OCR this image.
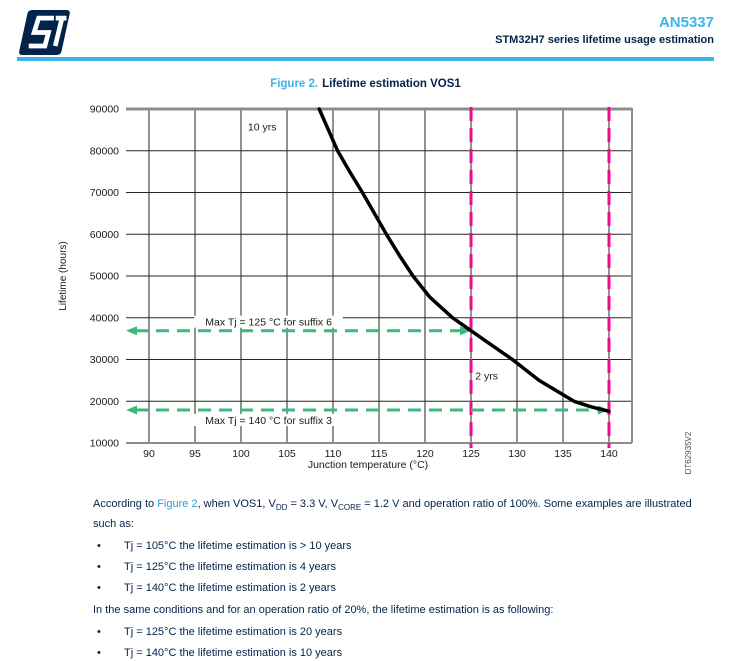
AN5337
STM32H7 series lifetime usage estimation
Figure 2. Lifetime estimation VOS1
10000
20000
30000
40000
50000
60000
70000
80000
90000
90	95	100	105	110	115	120	125	130	135	140
Junction temperature (°C)
Lifetime (hours)
Max Tj = 125 °C for suffix 6
Max Tj = 140 °C for suffix 3
10 yrs
2 yrs
DT62935V2

According to Figure 2, when VOS1, $V_{DD} = 3.3$ V, $V_{CORE} = 1.2$ V and operation ratio of 100%. Some examples are illustrated such as:

• Tj = 105°C the lifetime estimation is > 10 years
• Tj = 125°C the lifetime estimation is 4 years
• Tj = 140°C the lifetime estimation is 2 years

In the same conditions and for an operation ratio of 20%, the lifetime estimation is as following:

• Tj = 125°C the lifetime estimation is 20 years
• Tj = 140°C the lifetime estimation is 10 years
